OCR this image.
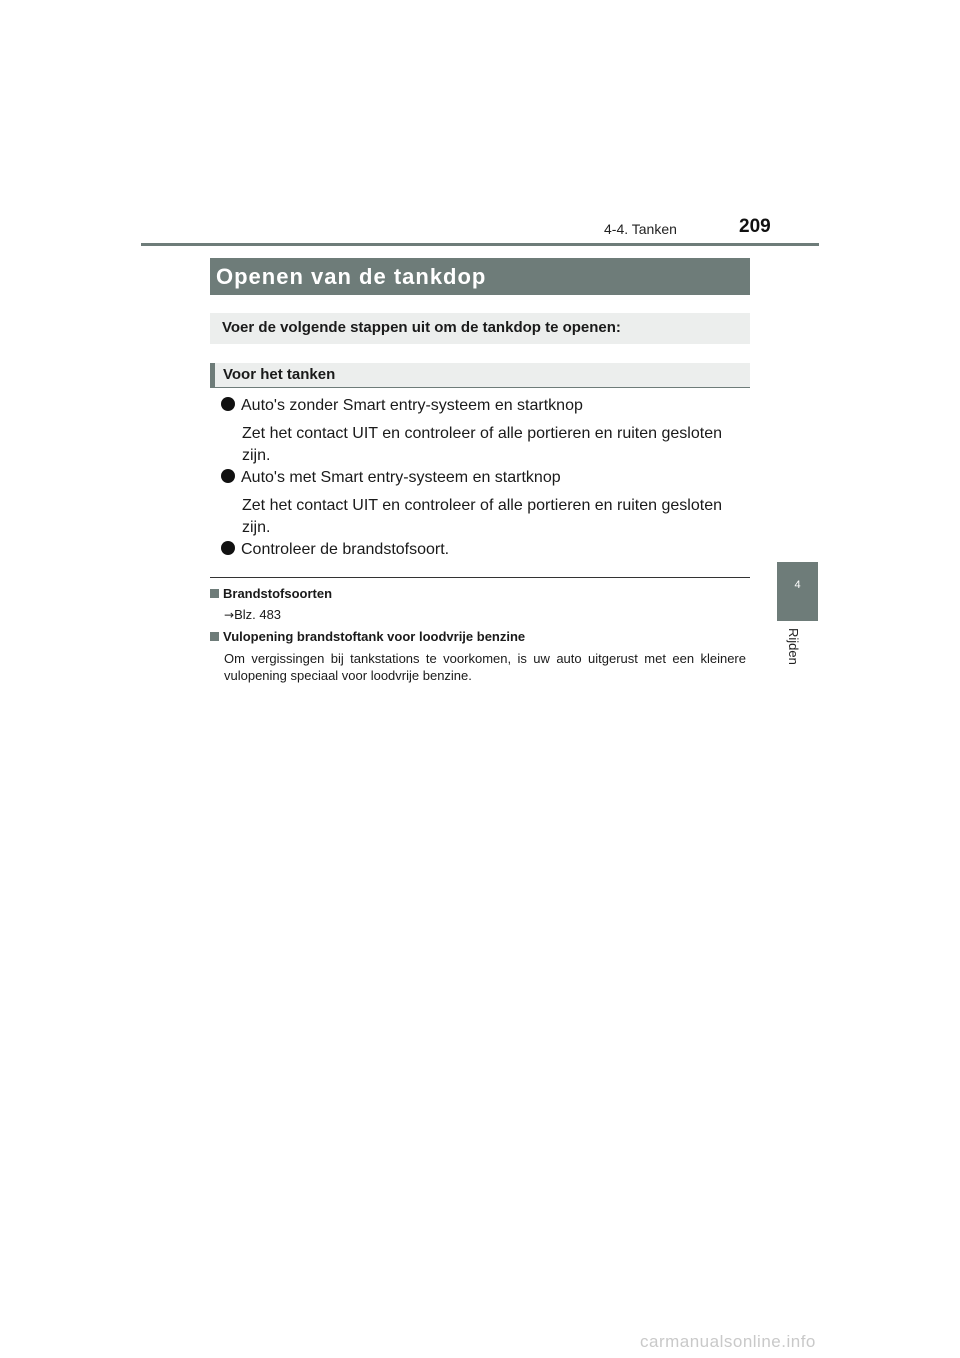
4-4. Tanken	209
4
Rijden
Openen van de tankdop
Voer de volgende stappen uit om de tankdop te openen:
Voor het tanken
Auto's zonder Smart entry-systeem en startknop
Zet het contact UIT en controleer of alle portieren en ruiten gesloten zijn.
Auto's met Smart entry-systeem en startknop
Zet het contact UIT en controleer of alle portieren en ruiten gesloten zijn.
Controleer de brandstofsoort.
Brandstofsoorten
→Blz. 483
Vulopening brandstoftank voor loodvrije benzine
Om vergissingen bij tankstations te voorkomen, is uw auto uitgerust met een kleinere vulopening speciaal voor loodvrije benzine.
carmanualsonline.info
